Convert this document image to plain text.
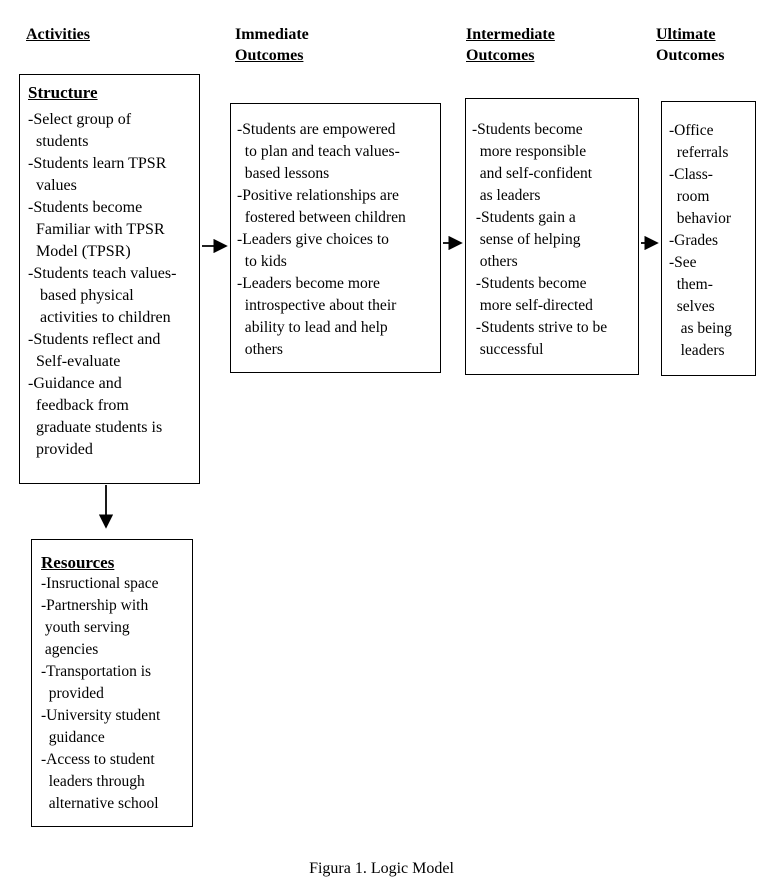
Activities	Immediate
Outcomes
Intermediate
Outcomes
Ultimate
Outcomes
Structure
-Select group of
students
-Students learn TPSR
values
-Students become
Familiar with TPSR
Model (TPSR)
-Students teach values-
based physical
activities to children
-Students reflect and
Self-evaluate
-Guidance and
feedback from
graduate students is
provided
Resources
-Insructional space
-Partnership with
youth serving
agencies
-Transportation is
provided
-University student
guidance
-Access to student
leaders through
alternative school
-Students are empowered
to plan and teach values-
based lessons
-Positive relationships are
fostered between children
-Leaders give choices to
to kids
-Leaders become more
introspective about their
ability to lead and help
others
-Students become
more responsible
and self-confident
as leaders
-Students gain a
sense of helping
others
-Students become
more self-directed
-Students strive to be
successful
-Office
referrals
-Class-
room
behavior
-Grades
-See
them-
selves
as being
leaders
Figura 1. Logic Model
